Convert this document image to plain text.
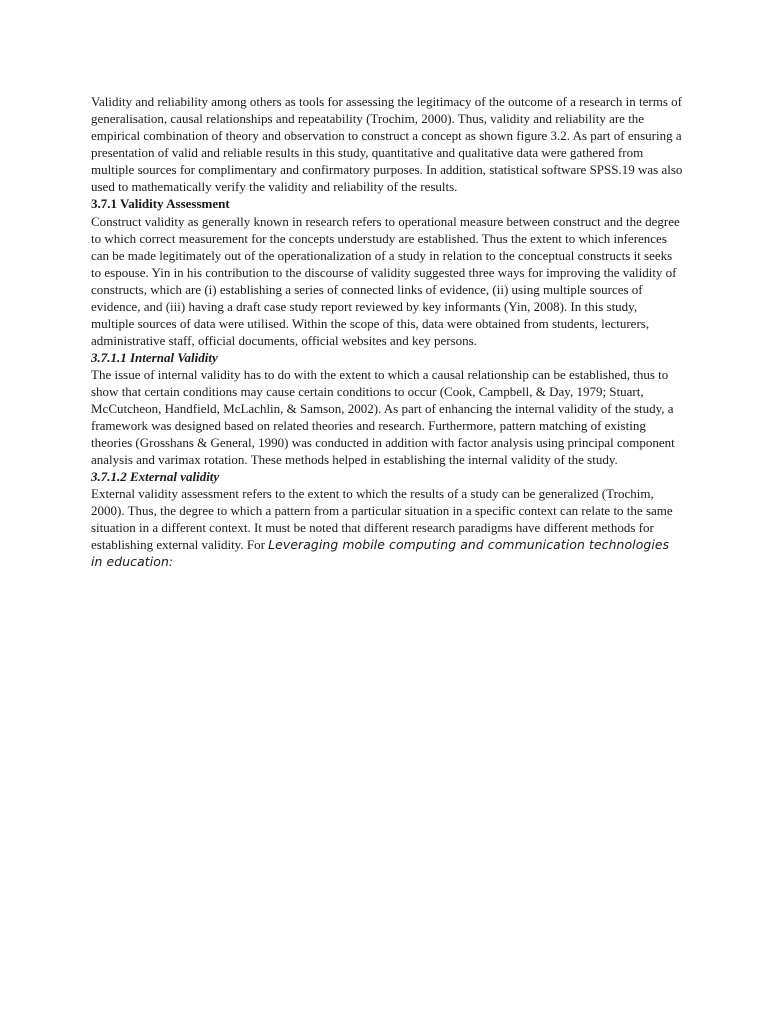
Validity and reliability among others as tools for assessing the legitimacy of the outcome of a research in terms of generalisation, causal relationships and repeatability (Trochim, 2000). Thus, validity and reliability are the empirical combination of theory and observation to construct a concept as shown figure 3.2. As part of ensuring a presentation of valid and reliable results in this study, quantitative and qualitative data were gathered from multiple sources for complimentary and confirmatory purposes. In addition, statistical software SPSS.19 was also used to mathematically verify the validity and reliability of the results.

3.7.1 Validity Assessment

Construct validity as generally known in research refers to operational measure between construct and the degree to which correct measurement for the concepts understudy are established. Thus the extent to which inferences can be made legitimately out of the operationalization of a study in relation to the conceptual constructs it seeks to espouse. Yin in his contribution to the discourse of validity suggested three ways for improving the validity of constructs, which are (i) establishing a series of connected links of evidence, (ii) using multiple sources of evidence, and (iii) having a draft case study report reviewed by key informants (Yin, 2008). In this study, multiple sources of data were utilised. Within the scope of this, data were obtained from students, lecturers, administrative staff, official documents, official websites and key persons.

3.7.1.1 Internal Validity

The issue of internal validity has to do with the extent to which a causal relationship can be established, thus to show that certain conditions may cause certain conditions to occur (Cook, Campbell, & Day, 1979; Stuart, McCutcheon, Handfield, McLachlin, & Samson, 2002). As part of enhancing the internal validity of the study, a framework was designed based on related theories and research. Furthermore, pattern matching of existing theories (Grosshans & General, 1990) was conducted in addition with factor analysis using principal component analysis and varimax rotation. These methods helped in establishing the internal validity of the study.

3.7.1.2 External validity

External validity assessment refers to the extent to which the results of a study can be generalized (Trochim, 2000). Thus, the degree to which a pattern from a particular situation in a specific context can relate to the same situation in a different context. It must be noted that different research paradigms have different methods for establishing external validity. For Leveraging mobile computing and communication technologies in education:
